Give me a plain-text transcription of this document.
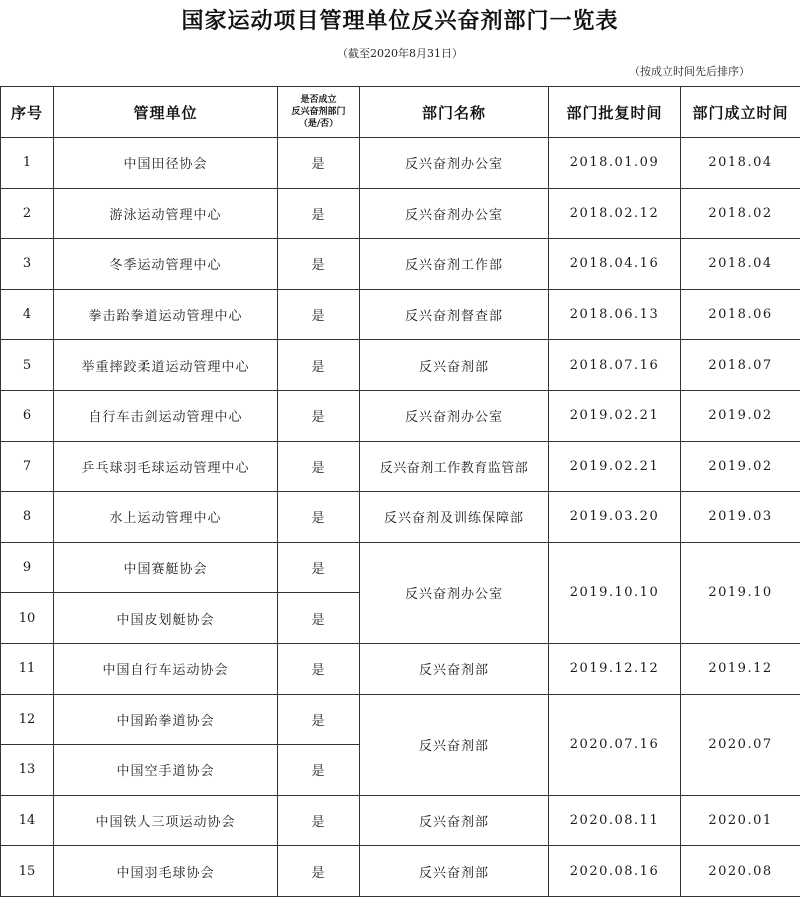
国家运动项目管理单位反兴奋剂部门一览表
（截至2020年8月31日）
（按成立时间先后排序）
序号	管理单位	是否成立
反兴奋剂部门
（是/否）	部门名称	部门批复时间	部门成立时间
1	中国田径协会	是	反兴奋剂办公室	2018.01.09	2018.04
2	游泳运动管理中心	是	反兴奋剂办公室	2018.02.12	2018.02
3	冬季运动管理中心	是	反兴奋剂工作部	2018.04.16	2018.04
4	拳击跆拳道运动管理中心	是	反兴奋剂督查部	2018.06.13	2018.06
5	举重摔跤柔道运动管理中心	是	反兴奋剂部	2018.07.16	2018.07
6	自行车击剑运动管理中心	是	反兴奋剂办公室	2019.02.21	2019.02
7	乒乓球羽毛球运动管理中心	是	反兴奋剂工作教育监管部	2019.02.21	2019.02
8	水上运动管理中心	是	反兴奋剂及训练保障部	2019.03.20	2019.03
9	中国赛艇协会	是	反兴奋剂办公室	2019.10.10	2019.10
10	中国皮划艇协会	是			
11	中国自行车运动协会	是	反兴奋剂部	2019.12.12	2019.12
12	中国跆拳道协会	是	反兴奋剂部	2020.07.16	2020.07
13	中国空手道协会	是			
14	中国铁人三项运动协会	是	反兴奋剂部	2020.08.11	2020.01
15	中国羽毛球协会	是	反兴奋剂部	2020.08.16	2020.08
